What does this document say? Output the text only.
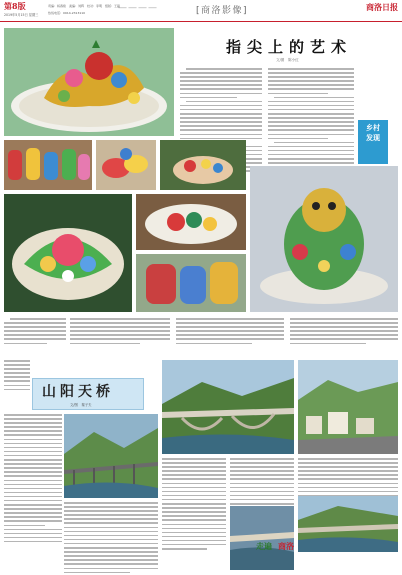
第8版
2019年5月15日 星期三
责编：杨春艳　美编：刘辉　校对：李明　组版：王磊
热线电话：0914-2313110	————	[商洛影像]	商洛日报
指尖上的艺术
文/图　陈小红
乡村
发现
山阳天桥
文/图　秦子夫
走遍 商洛
